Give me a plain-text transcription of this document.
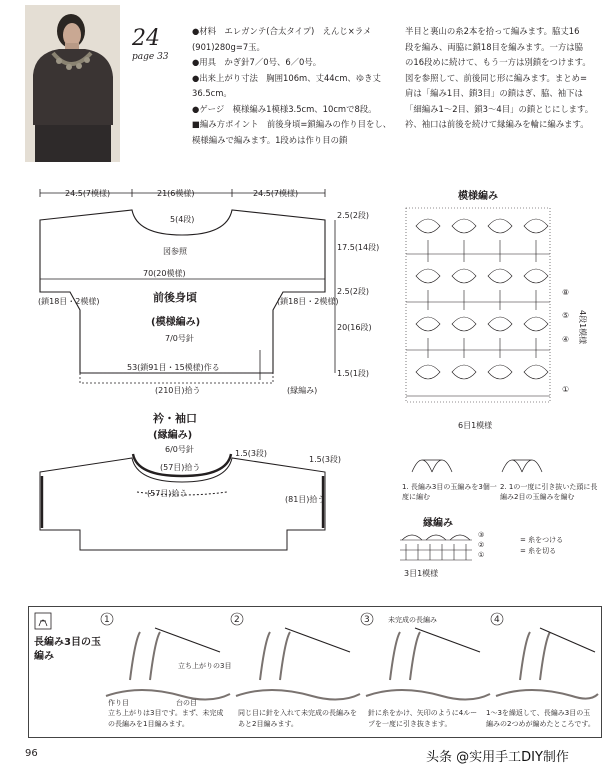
24
page 33

●材料　エレガンテ(合太タイプ)　えんじ×ラメ(901)280g=7玉。

●用具　かぎ針7／0号、6／0号。

●出来上がり寸法　胸囲106m、丈44cm、ゆき丈36.5cm。

●ゲージ　模様編み1模様3.5cm、10cmで8段。

■編み方ポイント　前後身頃=鎖編みの作り目をし、模様編みで編みます。1段めは作り目の鎖

半目と裏山の糸2本を拾って編みます。脇丈16

段を編み、両脇に鎖18目を編みます。一方は脇

の16段めに続けて、もう一方は別鎖をつけます。

図を参照して、前後同じ形に編みます。まとめ=

肩は「編み1目、鎖3目」の鎖はぎ、脇、袖下は

「細編み1〜2目、鎖3〜4目」の鎖とじにします。

衿、袖口は前後を続けて縁編みを輪に編みます。

24.5(7模様)	21(6模様)	24.5(7模様)
5(4段)
図参照
70(20模様)
(鎖18目・2模様)	(鎖18目・2模様)
前後身頃
(模様編み)
7/0号針
53(鎖91目・15模様)作る
(210目)拾う	(縁編み)
2.5(2段)
17.5(14段)
2.5(2段)
20(16段)
1.5(1段)
衿・袖口
(縁編み)
6/0号針
(57目)拾う
(57目)拾う
(81目)拾う
1.5(3段)
1.5(3段)
模様編み
⑧
⑤
④
①
4段1模様
6目1模様
1. 長編み3目の玉編みを3個一度に編む
2. 1の一度に引き抜いた頭に長編み2目の玉編みを編む
縁編み
③
②
①
= 糸をつける
= 糸を切る
3目1模様
長編み3目の玉編み
1	2	3	4
作り目	台の目
立ち上がりの3目
未完成の長編み
立ち上がりは3目です。まず、未完成の長編みを1目編みます。
同じ目に針を入れて未完成の長編みをあと2目編みます。
針に糸をかけ、矢印のように4ループを一度に引き抜きます。
1〜3を繰返して、長編み3目の玉編みの2つめが編めたところです。
96	头条 @实用手工DIY制作
